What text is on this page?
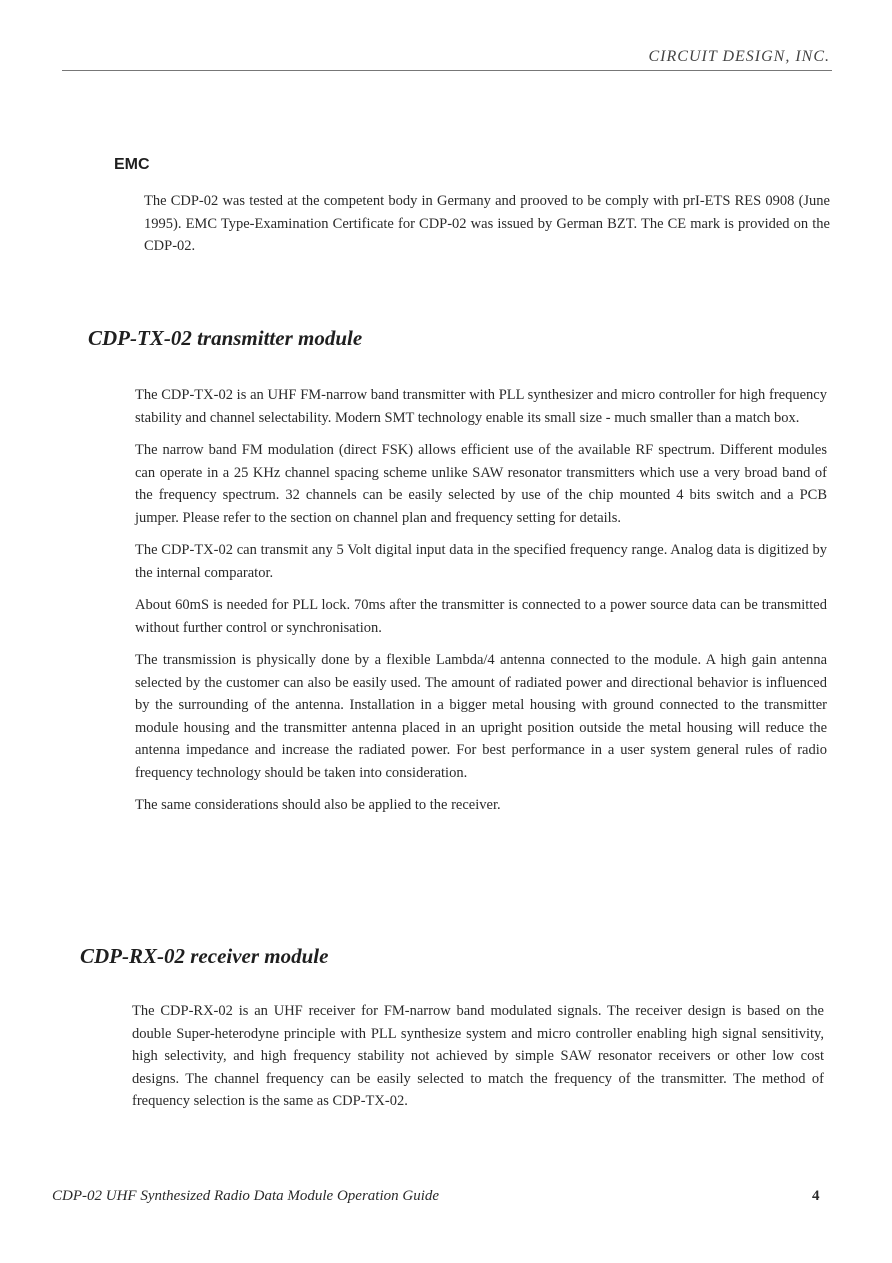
CIRCUIT DESIGN, INC.
EMC

The CDP-02 was tested at the competent body in Germany and prooved to be comply with prI-ETS RES 0908 (June 1995). EMC Type-Examination Certificate for CDP-02 was issued by German BZT. The CE mark is provided on the CDP-02.

CDP-TX-02 transmitter module

The CDP-TX-02 is an UHF FM-narrow band transmitter with PLL synthesizer and micro controller for high frequency stability and channel selectability. Modern SMT technology enable its small size - much smaller than a match box.

The narrow band FM modulation (direct FSK) allows efficient use of the available RF spectrum. Different modules can operate in a 25 KHz channel spacing scheme unlike SAW resonator transmitters which use a very broad band of the frequency spectrum. 32 channels can be easily selected by use of the chip mounted 4 bits switch and a PCB jumper. Please refer to the section on channel plan and frequency setting for details.

The CDP-TX-02 can transmit any 5 Volt digital input data in the specified frequency range. Analog data is digitized by the internal comparator.

About 60mS is needed for PLL lock. 70ms after the transmitter is connected to a power source data can be transmitted without further control or synchronisation.

The transmission is physically done by a flexible Lambda/4 antenna connected to the module. A high gain antenna selected by the customer can also be easily used. The amount of radiated power and directional behavior is influenced by the surrounding of the antenna. Installation in a bigger metal housing with ground connected to the transmitter module housing and the transmitter antenna placed in an upright position outside the metal housing will reduce the antenna impedance and increase the radiated power. For best performance in a user system general rules of radio frequency technology should be taken into consideration.

The same considerations should also be applied to the receiver.

CDP-RX-02 receiver module

The CDP-RX-02 is an UHF receiver for FM-narrow band modulated signals. The receiver design is based on the double Super-heterodyne principle with PLL synthesize system and micro controller enabling high signal sensitivity, high selectivity, and high frequency stability not achieved by simple SAW resonator receivers or other low cost designs. The channel frequency can be easily selected to match the frequency of the transmitter. The method of frequency selection is the same as CDP-TX-02.

CDP-02 UHF Synthesized Radio Data Module Operation Guide	4
